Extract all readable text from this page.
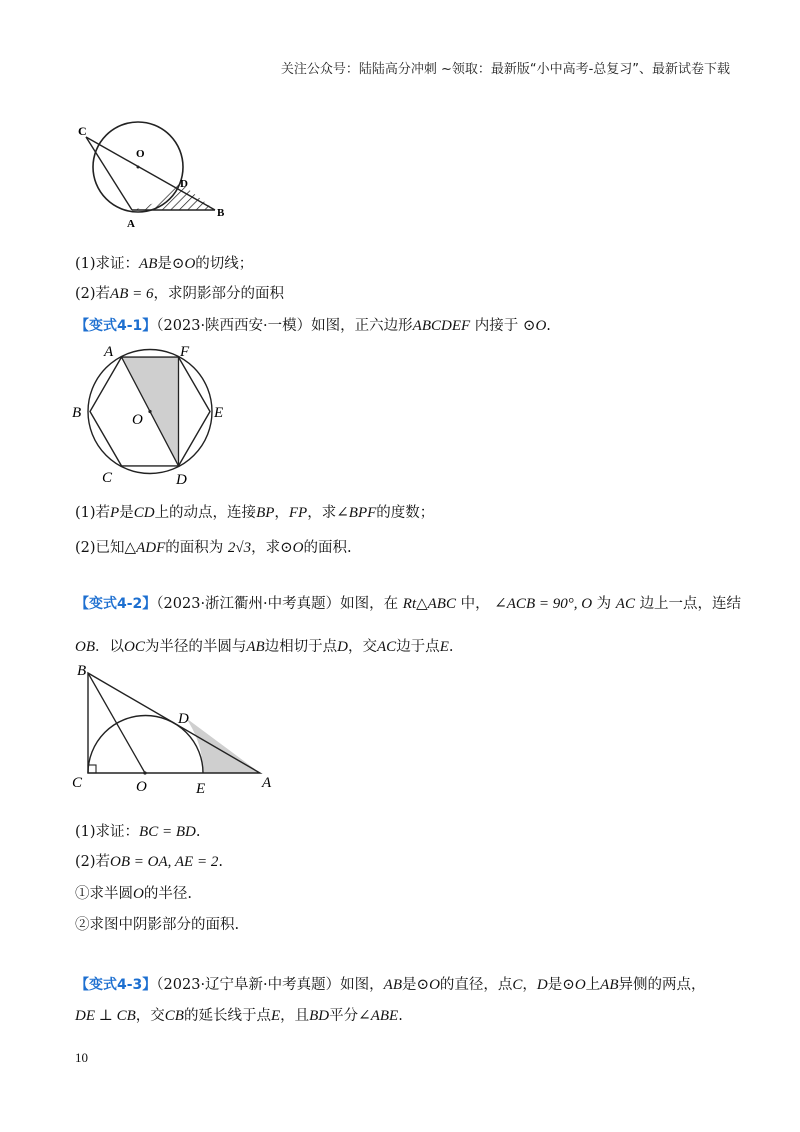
关注公众号：陆陆高分冲刺 ~领取：最新版“小中高考-总复习”、最新试卷下载
C
O
D
A
B
(1)求证：AB是⊙O的切线；
(2)若AB = 6，求阴影部分的面积
【变式4-1】（2023·陕西西安·一模）如图，正六边形ABCDEF 内接于 ⊙O.
A	F
B	E
O
C	D
(1)若P是CD上的动点，连接BP，FP，求∠BPF的度数；
(2)已知△ADF的面积为 2√3，求⊙O的面积.
【变式4-2】（2023·浙江衢州·中考真题）如图，在 Rt△ABC 中， ∠ACB = 90°, O 为 AC 边上一点，连结
OB．以OC为半径的半圆与AB边相切于点D，交AC边于点E.
B
D
C	O	E	A
(1)求证：BC = BD.
(2)若OB = OA, AE = 2.
①求半圆O的半径.
②求图中阴影部分的面积.
【变式4-3】（2023·辽宁阜新·中考真题）如图，AB是⊙O的直径，点C，D是⊙O上AB异侧的两点，
DE ⊥ CB，交CB的延长线于点E，且BD平分∠ABE.
10
